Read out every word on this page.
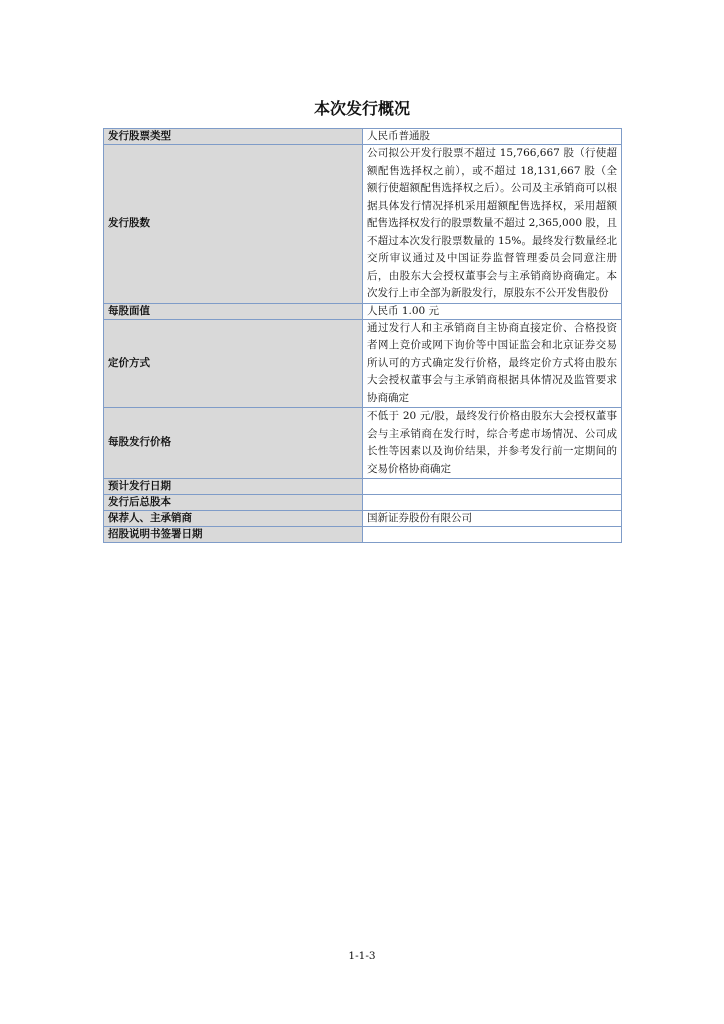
本次发行概况
发行股票类型	人民币普通股
发行股数	公司拟公开发行股票不超过 15,766,667 股（行使超额配售选择权之前），或不超过 18,131,667 股（全额行使超额配售选择权之后）。公司及主承销商可以根据具体发行情况择机采用超额配售选择权，采用超额配售选择权发行的股票数量不超过 2,365,000 股，且不超过本次发行股票数量的 15%。最终发行数量经北交所审议通过及中国证券监督管理委员会同意注册后，由股东大会授权董事会与主承销商协商确定。本次发行上市全部为新股发行，原股东不公开发售股份
每股面值	人民币 1.00 元
定价方式	通过发行人和主承销商自主协商直接定价、合格投资者网上竞价或网下询价等中国证监会和北京证券交易所认可的方式确定发行价格，最终定价方式将由股东大会授权董事会与主承销商根据具体情况及监管要求协商确定
每股发行价格	不低于 20 元/股，最终发行价格由股东大会授权董事会与主承销商在发行时，综合考虑市场情况、公司成长性等因素以及询价结果，并参考发行前一定期间的交易价格协商确定
预计发行日期	
发行后总股本	
保荐人、主承销商	国新证券股份有限公司
招股说明书签署日期	
1-1-3
